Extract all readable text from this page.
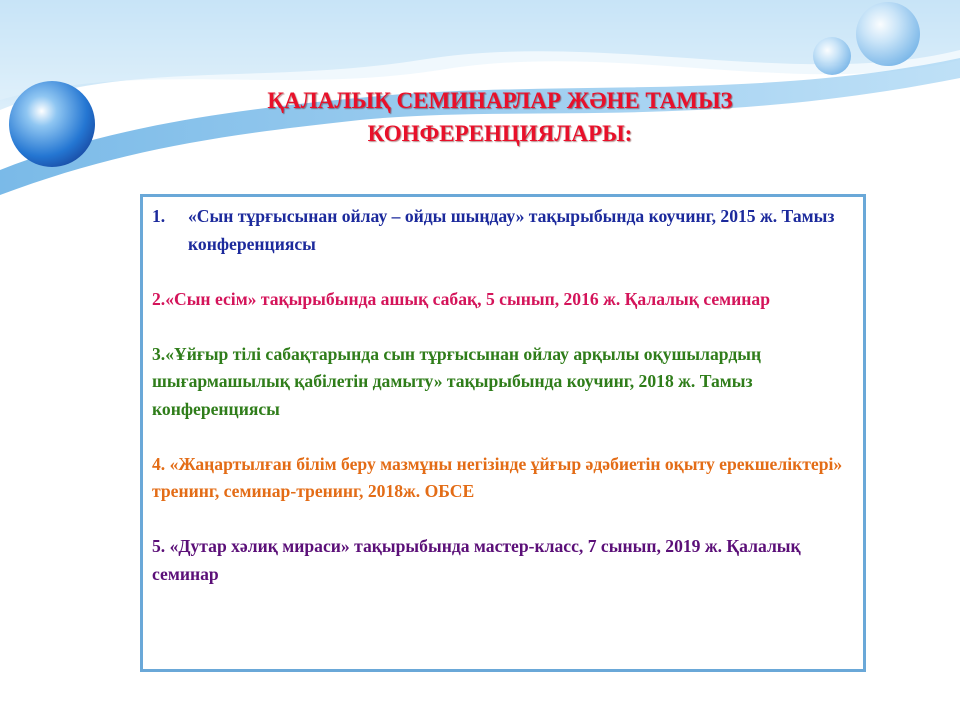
ҚАЛАЛЫҚ СЕМИНАРЛАР ЖӘНЕ ТАМЫЗ
КОНФЕРЕНЦИЯЛАРЫ:
1.	«Сын тұрғысынан ойлау – ойды шыңдау» тақырыбында коучинг, 2015 ж. Тамыз конференциясы
2.«Сын есім» тақырыбында ашық сабақ, 5 сынып, 2016 ж. Қалалық семинар
3.«Ұйғыр тілі сабақтарында сын тұрғысынан ойлау арқылы оқушылардың шығармашылық қабілетін дамыту» тақырыбында коучинг, 2018 ж. Тамыз конференциясы
4. «Жаңартылған білім беру мазмұны негізінде ұйғыр әдәбиетін оқыту ерекшеліктері» тренинг, семинар-тренинг, 2018ж. ОБСЕ
5. «Дутар хәлиқ мираси» тақырыбында мастер-класс, 7 сынып, 2019 ж. Қалалық семинар
